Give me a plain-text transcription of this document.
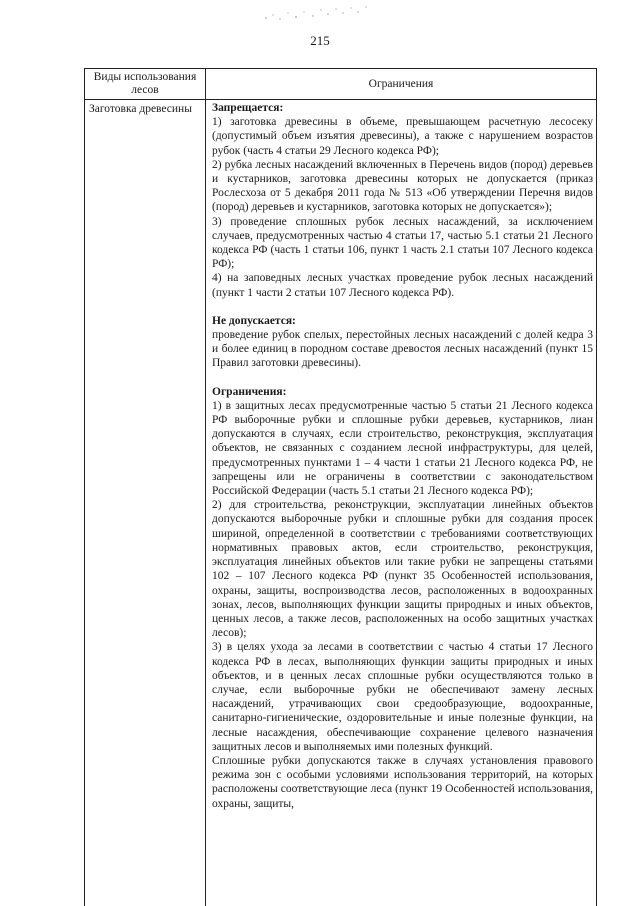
215
Виды использования лесов	Ограничения
Заготовка древесины	Запрещается:

1) заготовка древесины в объеме, превышающем расчетную лесосеку (допустимый объем изъятия древесины), а также с нарушением возрастов рубок (часть 4 статьи 29 Лесного кодекса РФ);

2) рубка лесных насаждений включенных в Перечень видов (пород) деревьев и кустарников, заготовка древесины которых не допускается (приказ Рослесхоза от 5 декабря 2011 года № 513 «Об утверждении Перечня видов (пород) деревьев и кустарников, заготовка которых не допускается»);

3) проведение сплошных рубок лесных насаждений, за исключением случаев, предусмотренных частью 4 статьи 17, частью 5.1 статьи 21 Лесного кодекса РФ (часть 1 статьи 106, пункт 1 часть 2.1 статьи 107 Лесного кодекса РФ);

4) на заповедных лесных участках проведение рубок лесных насаждений (пункт 1 части 2 статьи 107 Лесного кодекса РФ).

Не допускается:

проведение рубок спелых, перестойных лесных насаждений с долей кедра 3 и более единиц в породном составе древостоя лесных насаждений (пункт 15 Правил заготовки древесины).

Ограничения:

1) в защитных лесах предусмотренные частью 5 статьи 21 Лесного кодекса РФ выборочные рубки и сплошные рубки деревьев, кустарников, лиан допускаются в случаях, если строительство, реконструкция, эксплуатация объектов, не связанных с созданием лесной инфраструктуры, для целей, предусмотренных пунктами 1 – 4 части 1 статьи 21 Лесного кодекса РФ, не запрещены или не ограничены в соответствии с законодательством Российской Федерации (часть 5.1 статьи 21 Лесного кодекса РФ);

2) для строительства, реконструкции, эксплуатации линейных объектов допускаются выборочные рубки и сплошные рубки для создания просек шириной, определенной в соответствии с требованиями соответствующих нормативных правовых актов, если строительство, реконструкция, эксплуатация линейных объектов или такие рубки не запрещены статьями 102 – 107 Лесного кодекса РФ (пункт 35 Особенностей использования, охраны, защиты, воспроизводства лесов, расположенных в водоохранных зонах, лесов, выполняющих функции защиты природных и иных объектов, ценных лесов, а также лесов, расположенных на особо защитных участках лесов);

3) в целях ухода за лесами в соответствии с частью 4 статьи 17 Лесного кодекса РФ в лесах, выполняющих функции защиты природных и иных объектов, и в ценных лесах сплошные рубки осуществляются только в случае, если выборочные рубки не обеспечивают замену лесных насаждений, утрачивающих свои средообразующие, водоохранные, санитарно-гигиенические, оздоровительные и иные полезные функции, на лесные насаждения, обеспечивающие сохранение целевого назначения защитных лесов и выполняемых ими полезных функций.

Сплошные рубки допускаются также в случаях установления правового режима зон с особыми условиями использования территорий, на которых расположены соответствующие леса (пункт 19 Особенностей использования, охраны, защиты,
